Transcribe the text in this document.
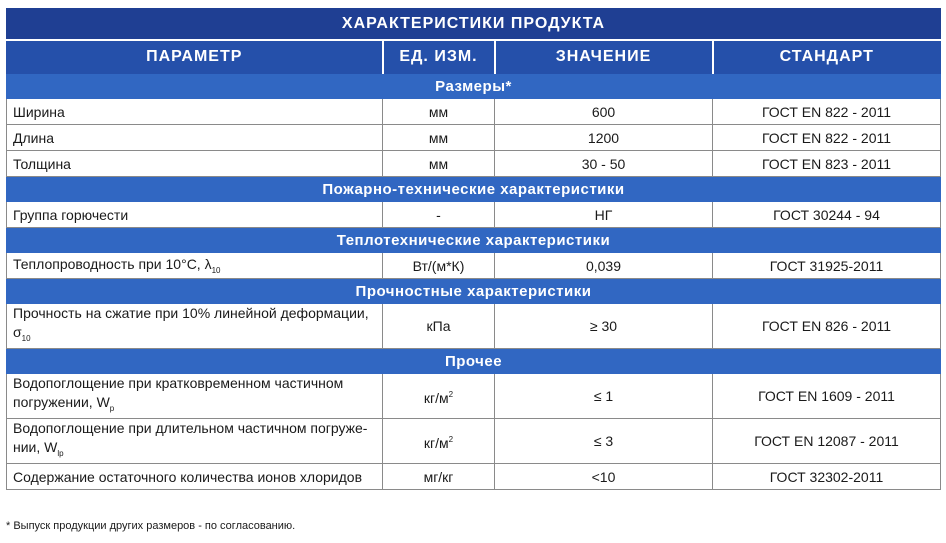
ХАРАКТЕРИСТИКИ ПРОДУКТА			
ПАРАМЕТР	ЕД. ИЗМ.	ЗНАЧЕНИЕ	СТАНДАРТ
Размеры*			
Ширина	мм	600	ГОСТ EN 822 - 2011
Длина	мм	1200	ГОСТ EN 822 - 2011
Толщина	мм	30 - 50	ГОСТ EN 823 - 2011
Пожарно-технические характеристики			
Группа горючести	-	НГ	ГОСТ 30244 - 94
Теплотехнические характеристики			
Теплопроводность при 10°С, $\lambda_{10}$	Вт/(м*К)	0,039	ГОСТ 31925-2011
Прочностные характеристики			
Прочность на сжатие при 10% линейной деформации, $\sigma_{10}$	кПа	≥ 30	ГОСТ EN 826 - 2011
Прочее			
Водопоглощение при кратковременном частичном погружении, $W_p$	$кг/м^2$	≤ 1	ГОСТ EN 1609 - 2011
Водопоглощение при длительном частичном погруже-нии, $W_{lp}$	$кг/м^2$	≤ 3	ГОСТ EN 12087 - 2011
Содержание остаточного количества ионов хлоридов	мг/кг	<10	ГОСТ 32302-2011
* Выпуск продукции других размеров - по согласованию.
